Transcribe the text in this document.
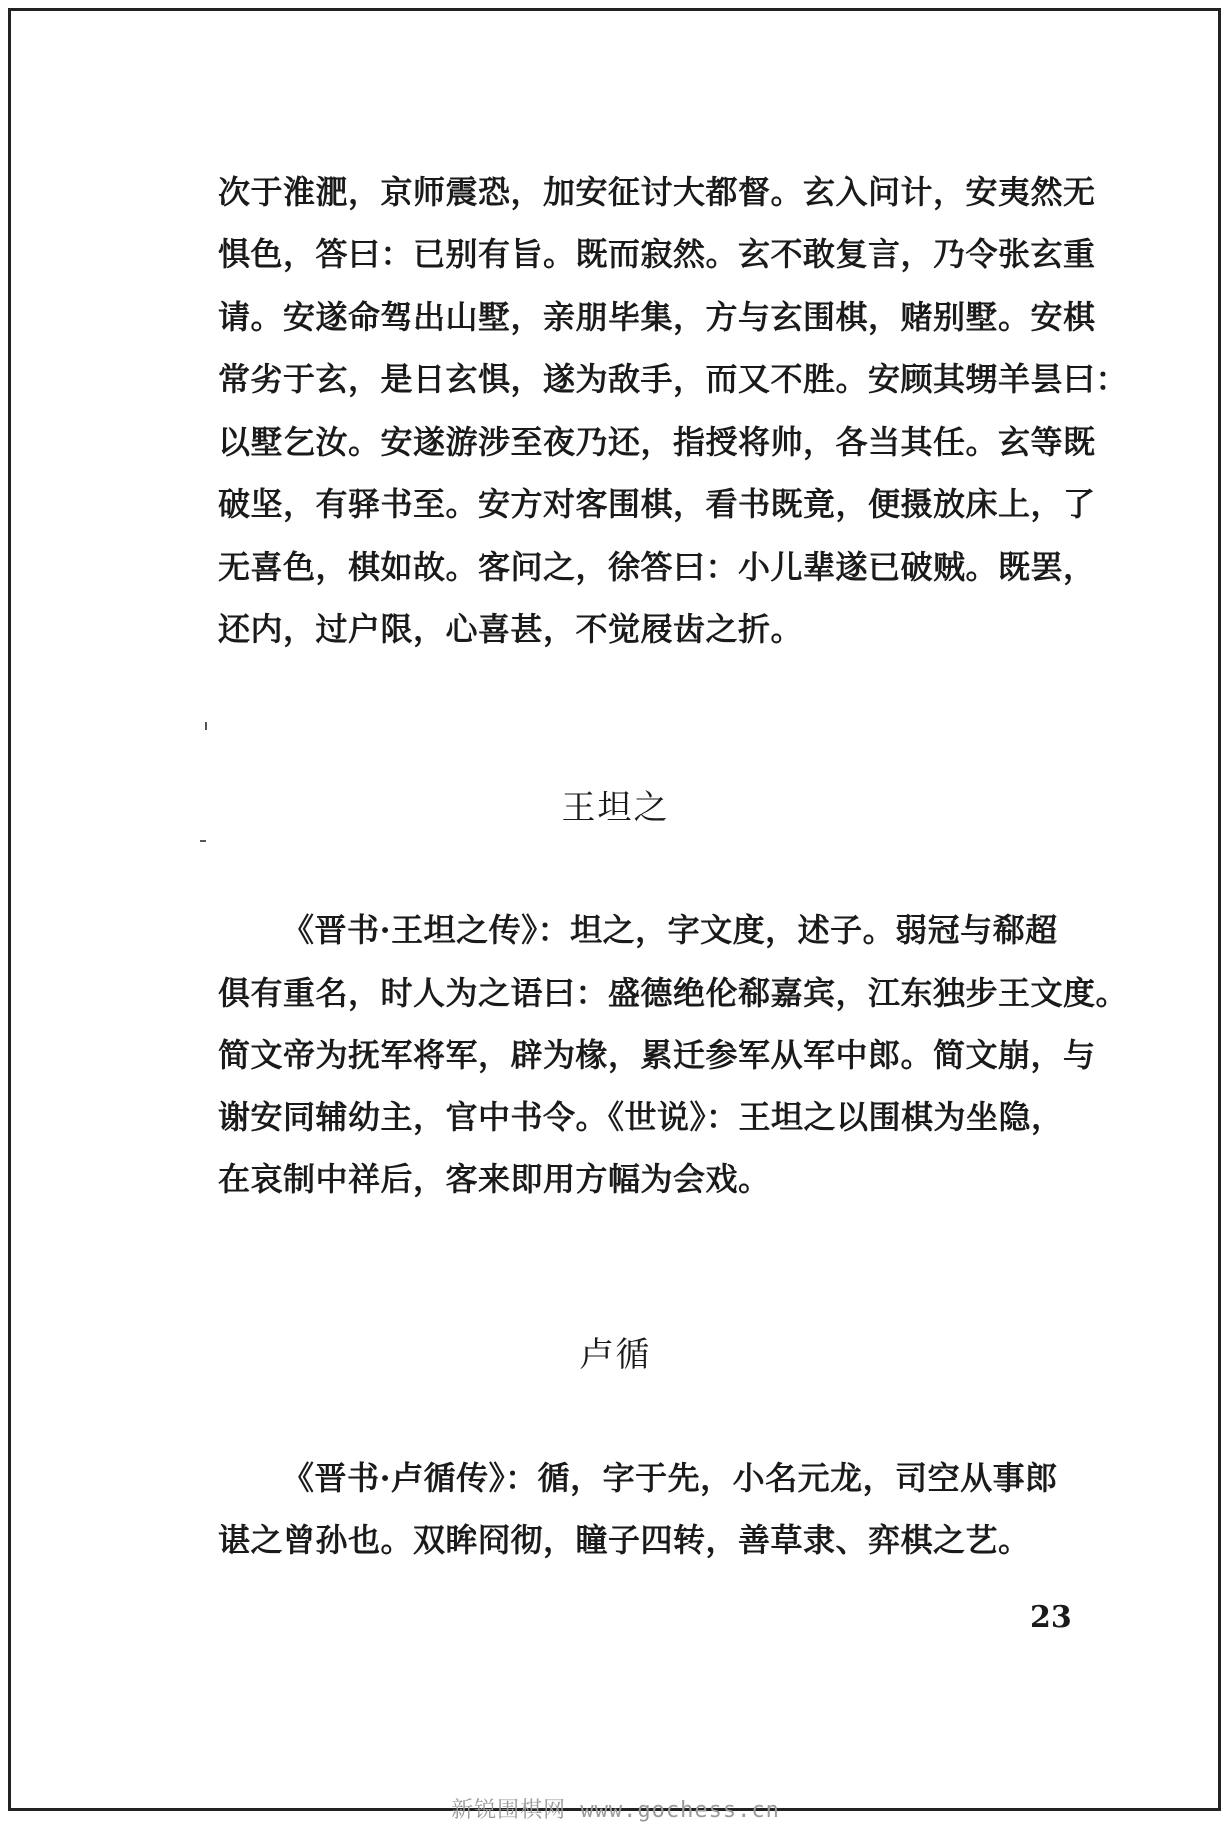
次于淮淝，京师震恐，加安征讨大都督。玄入问计，安夷然无
惧色，答曰：已别有旨。既而寂然。玄不敢复言，乃令张玄重
请。安遂命驾出山墅，亲朋毕集，方与玄围棋，赌别墅。安棋
常劣于玄，是日玄惧，遂为敌手，而又不胜。安顾其甥羊昙曰：
以墅乞汝。安遂游涉至夜乃还，指授将帅，各当其任。玄等既
破坚，有驿书至。安方对客围棋，看书既竟，便摄放床上，了
无喜色，棋如故。客问之，徐答曰：小儿辈遂已破贼。既罢，
还内，过户限，心喜甚，不觉屐齿之折。
王坦之
《晋书·王坦之传》：坦之，字文度，述子。弱冠与郗超
俱有重名，时人为之语曰：盛德绝伦郗嘉宾，江东独步王文度。
简文帝为抚军将军，辟为椽，累迁参军从军中郎。简文崩，与
谢安同辅幼主，官中书令。《世说》：王坦之以围棋为坐隐，
在哀制中祥后，客来即用方幅为会戏。
卢循
《晋书·卢循传》：循，字于先，小名元龙，司空从事郎
谌之曾孙也。双眸冏彻，瞳子四转，善草隶、弈棋之艺。
23
新锐围棋网 www.gochess.cn
